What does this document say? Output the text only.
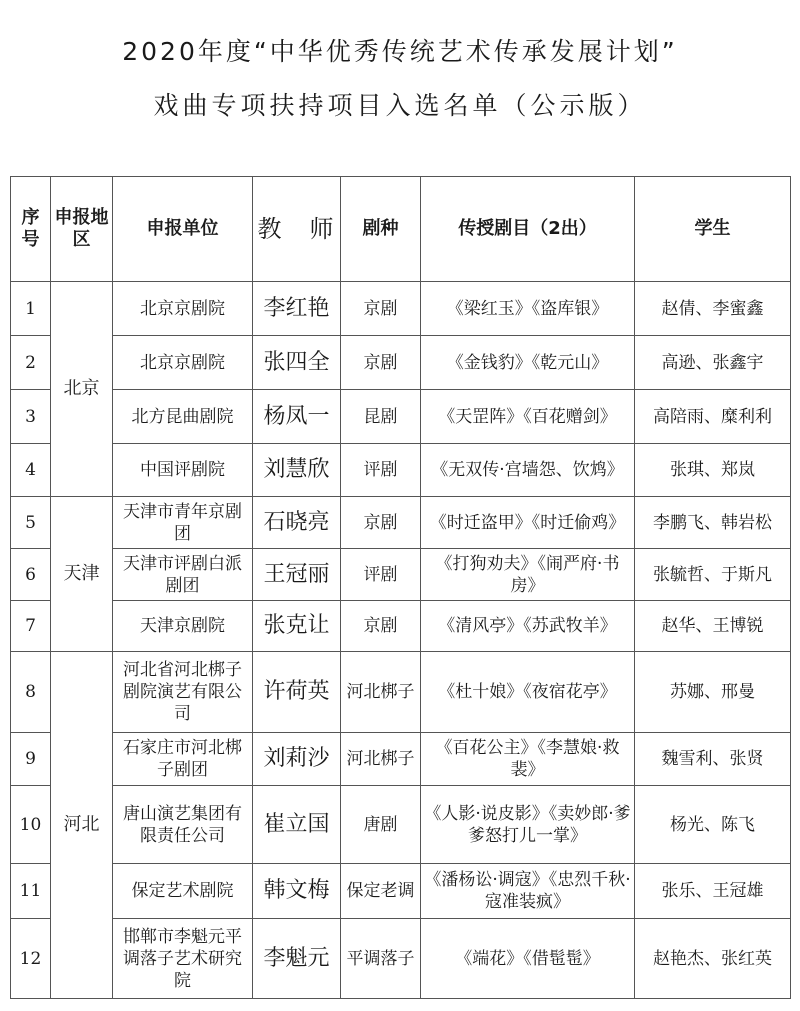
2020年度“中华优秀传统艺术传承发展计划”
戏曲专项扶持项目入选名单（公示版）
序号	申报地区	申报单位	教　师	剧种	传授剧目（2出）	学生
1	北京	北京京剧院	李红艳	京剧	《梁红玉》《盗库银》	赵倩、李蜜鑫
2		北京京剧院	张四全	京剧	《金钱豹》《乾元山》	高逊、张鑫宇
3		北方昆曲剧院	杨凤一	昆剧	《天罡阵》《百花赠剑》	高陪雨、糜利利
4		中国评剧院	刘慧欣	评剧	《无双传·宫墙怨、饮鸩》	张琪、郑岚
5	天津	天津市青年京剧团	石晓亮	京剧	《时迁盗甲》《时迁偷鸡》	李鹏飞、韩岩松
6		天津市评剧白派剧团	王冠丽	评剧	《打狗劝夫》《闹严府·书房》	张毓哲、于斯凡
7		天津京剧院	张克让	京剧	《清风亭》《苏武牧羊》	赵华、王博锐
8	河北	河北省河北梆子剧院演艺有限公司	许荷英	河北梆子	《杜十娘》《夜宿花亭》	苏娜、邢曼
9		石家庄市河北梆子剧团	刘莉沙	河北梆子	《百花公主》《李慧娘·救裴》	魏雪利、张贤
10		唐山演艺集团有限责任公司	崔立国	唐剧	《人影·说皮影》《卖妙郎·爹爹怒打儿一掌》	杨光、陈飞
11		保定艺术剧院	韩文梅	保定老调	《潘杨讼·调寇》《忠烈千秋·寇准装疯》	张乐、王冠雄
12		邯郸市李魁元平调落子艺术研究院	李魁元	平调落子	《端花》《借髢髢》	赵艳杰、张红英
